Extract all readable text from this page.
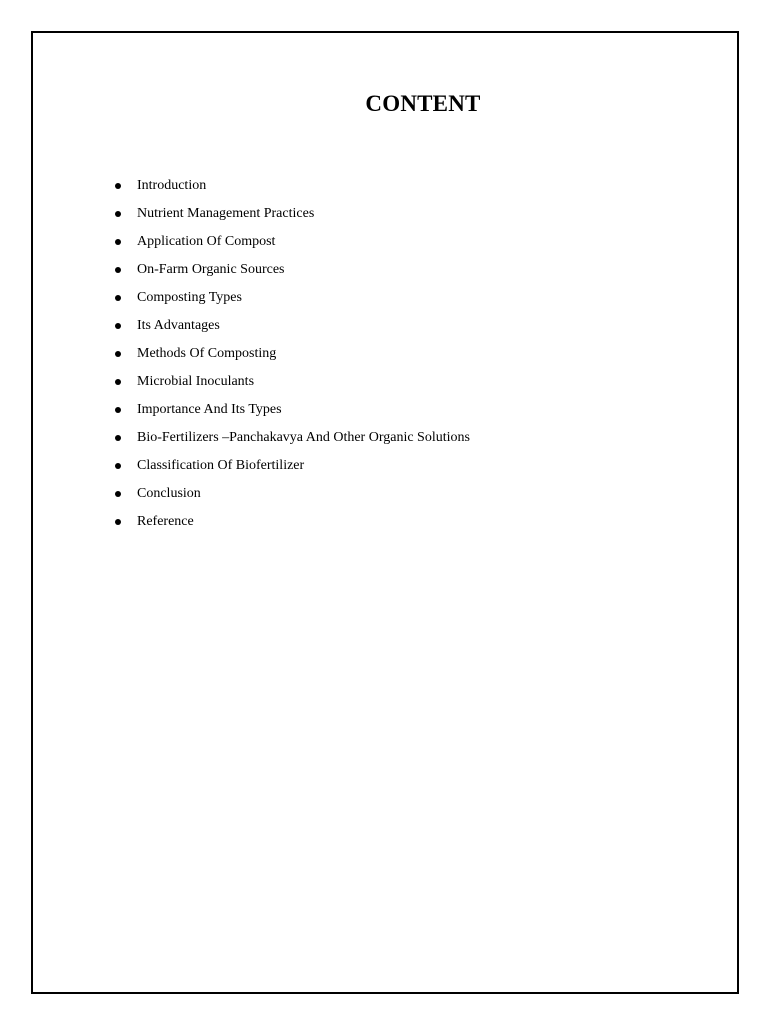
CONTENT
Introduction
Nutrient Management Practices
Application Of Compost
On-Farm Organic Sources
Composting Types
Its Advantages
Methods Of Composting
Microbial Inoculants
Importance And Its Types
Bio-Fertilizers –Panchakavya And Other Organic Solutions
Classification Of Biofertilizer
Conclusion
Reference
